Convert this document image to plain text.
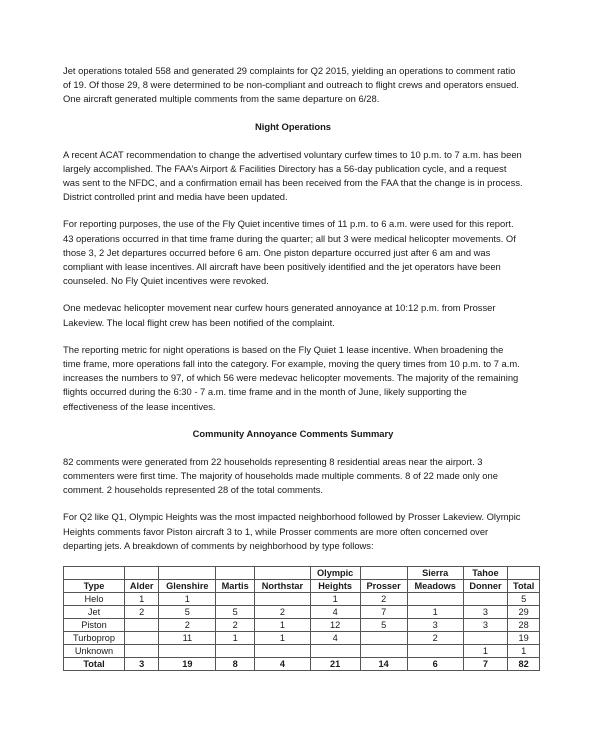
Jet operations totaled 558 and generated 29 complaints for Q2 2015, yielding an operations to comment ratio of 19. Of those 29, 8 were determined to be non-compliant and outreach to flight crews and operators ensued. One aircraft generated multiple comments from the same departure on 6/28.

Night Operations

A recent ACAT recommendation to change the advertised voluntary curfew times to 10 p.m. to 7 a.m. has been largely accomplished. The FAA’s Airport & Facilities Directory has a 56-day publication cycle, and a request was sent to the NFDC, and a confirmation email has been received from the FAA that the change is in process. District controlled print and media have been updated.

For reporting purposes, the use of the Fly Quiet incentive times of 11 p.m. to 6 a.m. were used for this report. 43 operations occurred in that time frame during the quarter; all but 3 were medical helicopter movements. Of those 3, 2 Jet departures occurred before 6 am. One piston departure occurred just after 6 am and was compliant with lease incentives. All aircraft have been positively identified and the jet operators have been counseled. No Fly Quiet incentives were revoked.

One medevac helicopter movement near curfew hours generated annoyance at 10:12 p.m. from Prosser Lakeview. The local flight crew has been notified of the complaint.

The reporting metric for night operations is based on the Fly Quiet 1 lease incentive. When broadening the time frame, more operations fall into the category. For example, moving the query times from 10 p.m. to 7 a.m. increases the numbers to 97, of which 56 were medevac helicopter movements. The majority of the remaining flights occurred during the 6:30 - 7 a.m. time frame and in the month of June, likely supporting the effectiveness of the lease incentives.

Community Annoyance Comments Summary

82 comments were generated from 22 households representing 8 residential areas near the airport. 3 commenters were first time. The majority of households made multiple comments. 8 of 22 made only one comment. 2 households represented 28 of the total comments.

For Q2 like Q1, Olympic Heights was the most impacted neighborhood followed by Prosser Lakeview. Olympic Heights comments favor Piston aircraft 3 to 1, while Prosser comments are more often concerned over departing jets. A breakdown of comments by neighborhood by type follows:

					Olympic		Sierra	Tahoe	
Type	Alder	Glenshire	Martis	Northstar	Heights	Prosser	Meadows	Donner	Total
Helo	1	1			1	2			5
Jet	2	5	5	2	4	7	1	3	29
Piston		2	2	1	12	5	3	3	28
Turboprop		11	1	1	4		2		19
Unknown								1	1
Total	3	19	8	4	21	14	6	7	82
